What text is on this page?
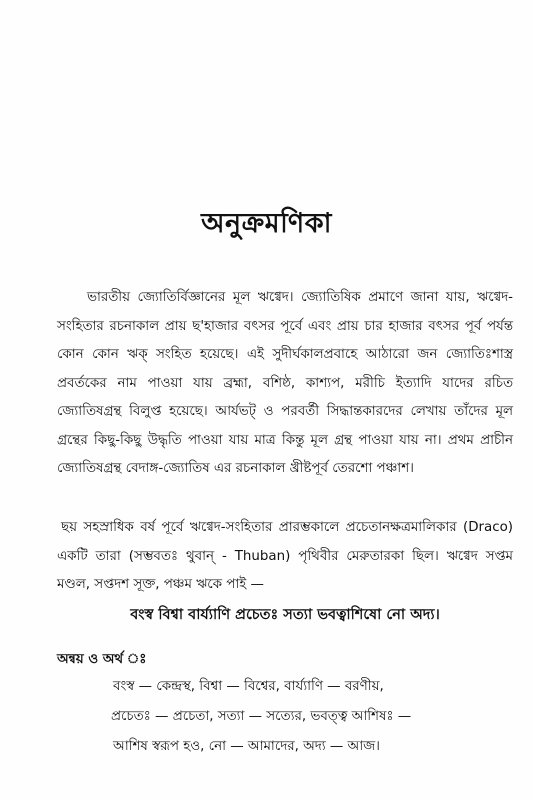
অনুক্রমণিকা

ভারতীয় জ্যোতির্বিজ্ঞানের মূল ঋগ্বেদ। জ্যোতিষিক প্রমাণে জানা যায়, ঋগ্বেদ-সংহিতার রচনাকাল প্রায় ছ'হাজার বৎসর পূর্বে এবং প্রায় চার হাজার বৎসর পূর্ব পর্যন্ত কোন কোন ঋক্ সংহিত হয়েছে। এই সুদীর্ঘকালপ্রবাহে আঠারো জন জ্যোতিঃশাস্ত্র প্রবর্তকের নাম পাওয়া যায় ব্রহ্মা, বশিষ্ঠ, কাশ্যপ, মরীচি ইত্যাদি যাদের রচিত জ্যোতিষগ্রন্থ বিলুপ্ত হয়েছে। আর্যভট্ ও পরবর্তী সিদ্ধান্তকারদের লেখায় তাঁদের মূল গ্রন্থের কিছু-কিছু উদ্ধৃতি পাওয়া যায় মাত্র কিন্তু মূল গ্রন্থ পাওয়া যায় না। প্রথম প্রাচীন জ্যোতিষগ্রন্থ বেদাঙ্গ-জ্যোতিষ এর রচনাকাল খ্রীষ্টপূর্ব তেরশো পঞ্চাশ।

ছয় সহস্রাধিক বর্ষ পূর্বে ঋগ্বেদ-সংহিতার প্রারম্ভকালে প্রচেতানক্ষত্রমালিকার (Draco) একটি তারা (সম্ভবতঃ থুবান্ - Thuban) পৃথিবীর মেরুতারকা ছিল। ঋগ্বেদ সপ্তম মণ্ডল, সপ্তদশ সূক্ত, পঞ্চম ঋকে পাই —

বংস্ব বিশ্বা বার্য্যাণি প্রচেতঃ সত্যা ভবত্বাশিষো নো অদ্য।
অন্বয় ও অর্থ ঃ
বংস্ব — কেন্দ্রস্থ, বিশ্বা — বিশ্বের, বার্য্যাণি — বরণীয়,
প্রচেতঃ — প্রচেতা, সত্যা — সত্যের, ভবত্ত্ব আশিষঃ —
আশিষ স্বরূপ হও, নো — আমাদের, অদ্য — আজ।
